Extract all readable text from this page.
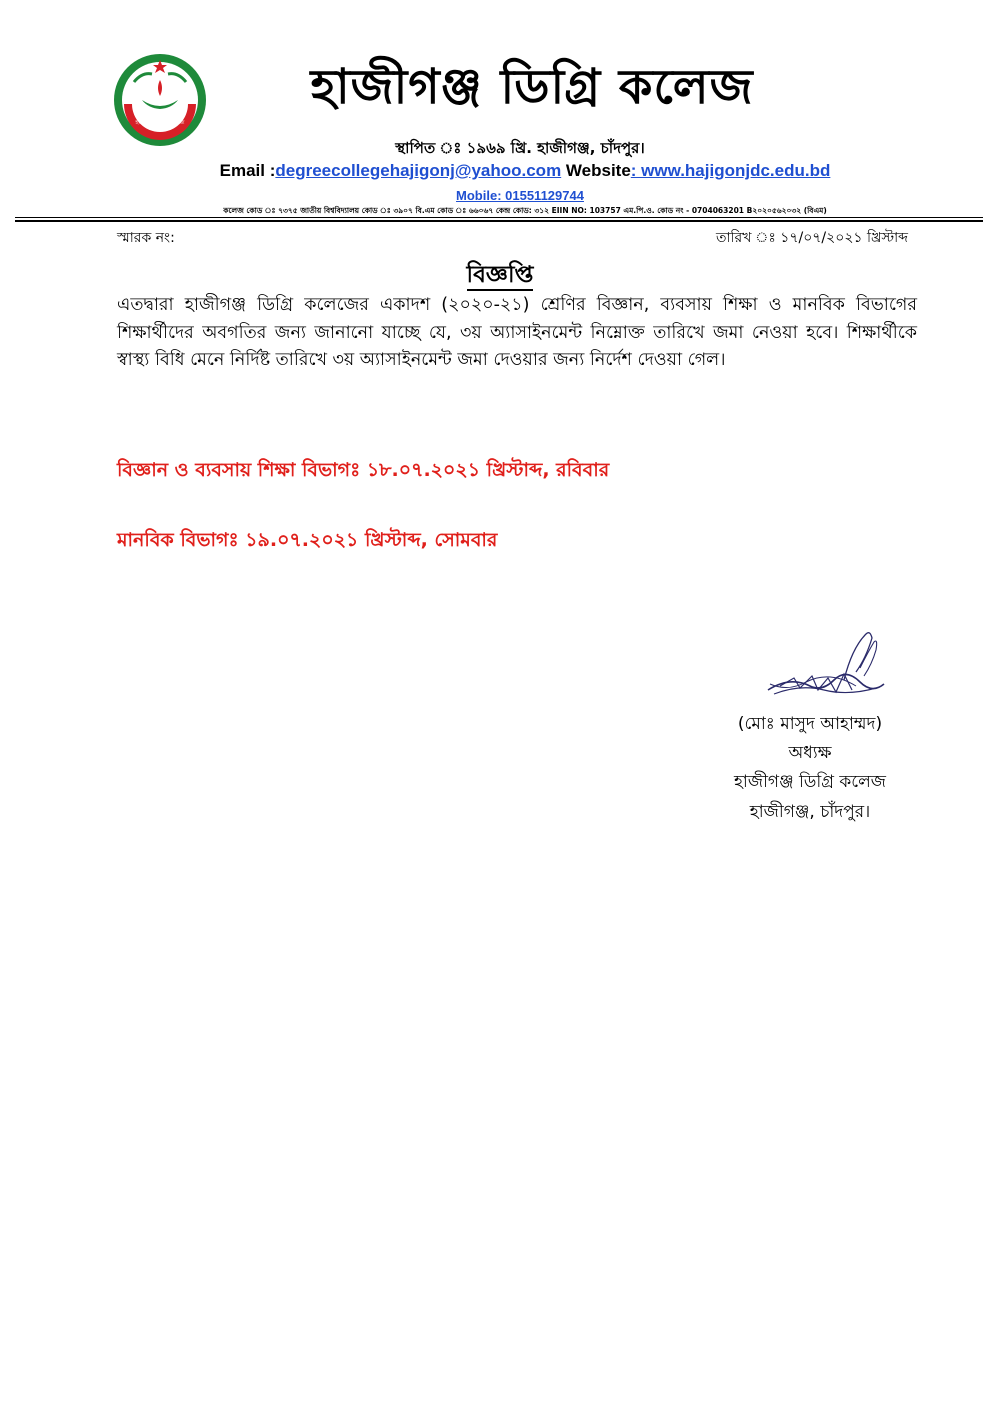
হাজীগঞ্জ ডিগ্রি কলেজ
হাজীগঞ্জ ডিগ্রি কলেজ
স্থাপিত ঃ ১৯৬৯ খ্রি. হাজীগঞ্জ, চাঁদপুর।
Email :degreecollegehajigonj@yahoo.com Website: www.hajigonjdc.edu.bd
Mobile: 01551129744
কলেজ কোড ঃ ৭৩৭৫ জাতীয় বিশ্ববিদ্যালয় কোড ঃ ৩৯০৭ বি.এম কোড ঃ ৬৬০৬৭ কেন্দ্র কোড: ৩১২ EIIN NO: 103757 এম.পি.ও. কোড নং - 0704063201 B২০২০৫৬২০৩২ (বিএম)
স্মারক নং:	তারিখ ঃ ১৭/০৭/২০২১ খ্রিস্টাব্দ
বিজ্ঞপ্তি
এতদ্বারা হাজীগঞ্জ ডিগ্রি কলেজের একাদশ (২০২০-২১) শ্রেণির বিজ্ঞান, ব্যবসায় শিক্ষা ও মানবিক বিভাগের শিক্ষার্থীদের অবগতির জন্য জানানো যাচ্ছে যে, ৩য় অ্যাসাইনমেন্ট নিম্নোক্ত তারিখে জমা নেওয়া হবে। শিক্ষার্থীকে স্বাস্থ্য বিধি মেনে নির্দিষ্ট তারিখে ৩য় অ্যাসাইনমেন্ট জমা দেওয়ার জন্য নির্দেশ দেওয়া গেল।
বিজ্ঞান ও ব্যবসায় শিক্ষা বিভাগঃ ১৮.০৭.২০২১ খ্রিস্টাব্দ, রবিবার
মানবিক বিভাগঃ ১৯.০৭.২০২১ খ্রিস্টাব্দ, সোমবার
(মোঃ মাসুদ আহাম্মদ)
অধ্যক্ষ
হাজীগঞ্জ ডিগ্রি কলেজ
হাজীগঞ্জ, চাঁদপুর।
